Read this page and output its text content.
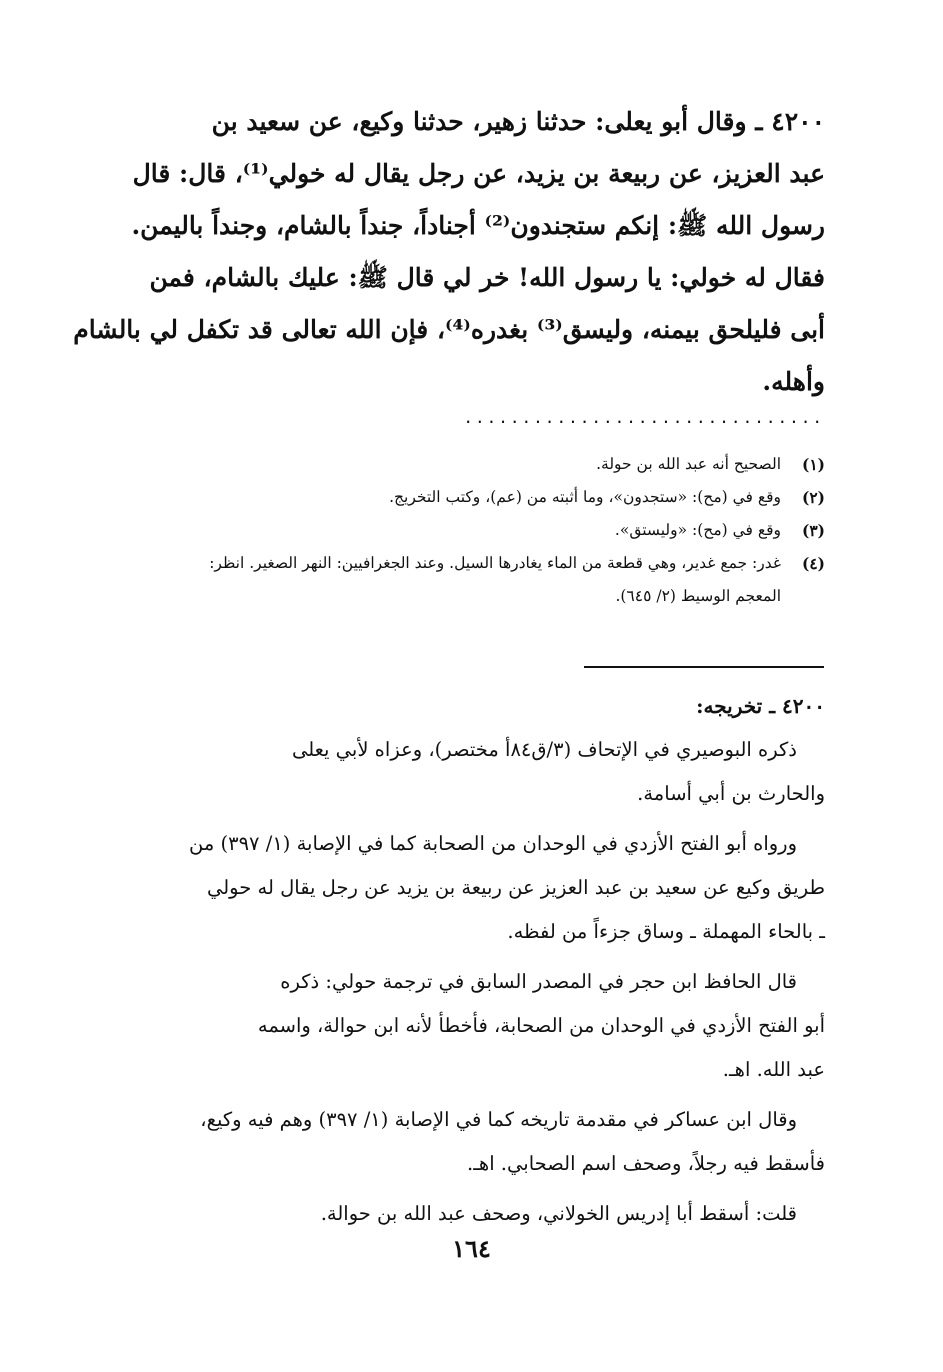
٤٢٠٠ ـ وقال أبو يعلى: حدثنا زهير، حدثنا وكيع، عن سعيد بن
عبد العزيز، عن ربيعة بن يزيد، عن رجل يقال له خولي⁽¹⁾، قال: قال
رسول الله ﷺ: إنكم ستجندون⁽²⁾ أجناداً، جنداً بالشام، وجنداً باليمن.
فقال له خولي: يا رسول الله! خر لي قال ﷺ: عليك بالشام، فمن
أبى فليلحق بيمنه، وليسق⁽³⁾ بغدره⁽⁴⁾، فإن الله تعالى قد تكفل لي بالشام
وأهله.
...............................
(١)
الصحيح أنه عبد الله بن حولة.
(٢)
وقع في (مح): «ستجدون»، وما أثبته من (عم)، وكتب التخريج.
(٣)
وقع في (مح): «وليستق».
(٤)
غدر: جمع غدير، وهي قطعة من الماء يغادرها السيل. وعند الجغرافيين: النهر الصغير. انظر:
المعجم الوسيط (٢/ ٦٤٥).
٤٢٠٠ ـ تخريجه:
ذكره البوصيري في الإتحاف (٣/ق٨٤أ مختصر)، وعزاه لأبي يعلى
والحارث بن أبي أسامة.
ورواه أبو الفتح الأزدي في الوحدان من الصحابة كما في الإصابة (١/ ٣٩٧) من
طريق وكيع عن سعيد بن عبد العزيز عن ربيعة بن يزيد عن رجل يقال له حولي
ـ بالحاء المهملة ـ وساق جزءاً من لفظه.
قال الحافظ ابن حجر في المصدر السابق في ترجمة حولي: ذكره
أبو الفتح الأزدي في الوحدان من الصحابة، فأخطأ لأنه ابن حوالة، واسمه
عبد الله. اهـ.
وقال ابن عساكر في مقدمة تاريخه كما في الإصابة (١/ ٣٩٧) وهم فيه وكيع،
فأسقط فيه رجلاً، وصحف اسم الصحابي. اهـ.
قلت: أسقط أبا إدريس الخولاني، وصحف عبد الله بن حوالة.
١٦٤
